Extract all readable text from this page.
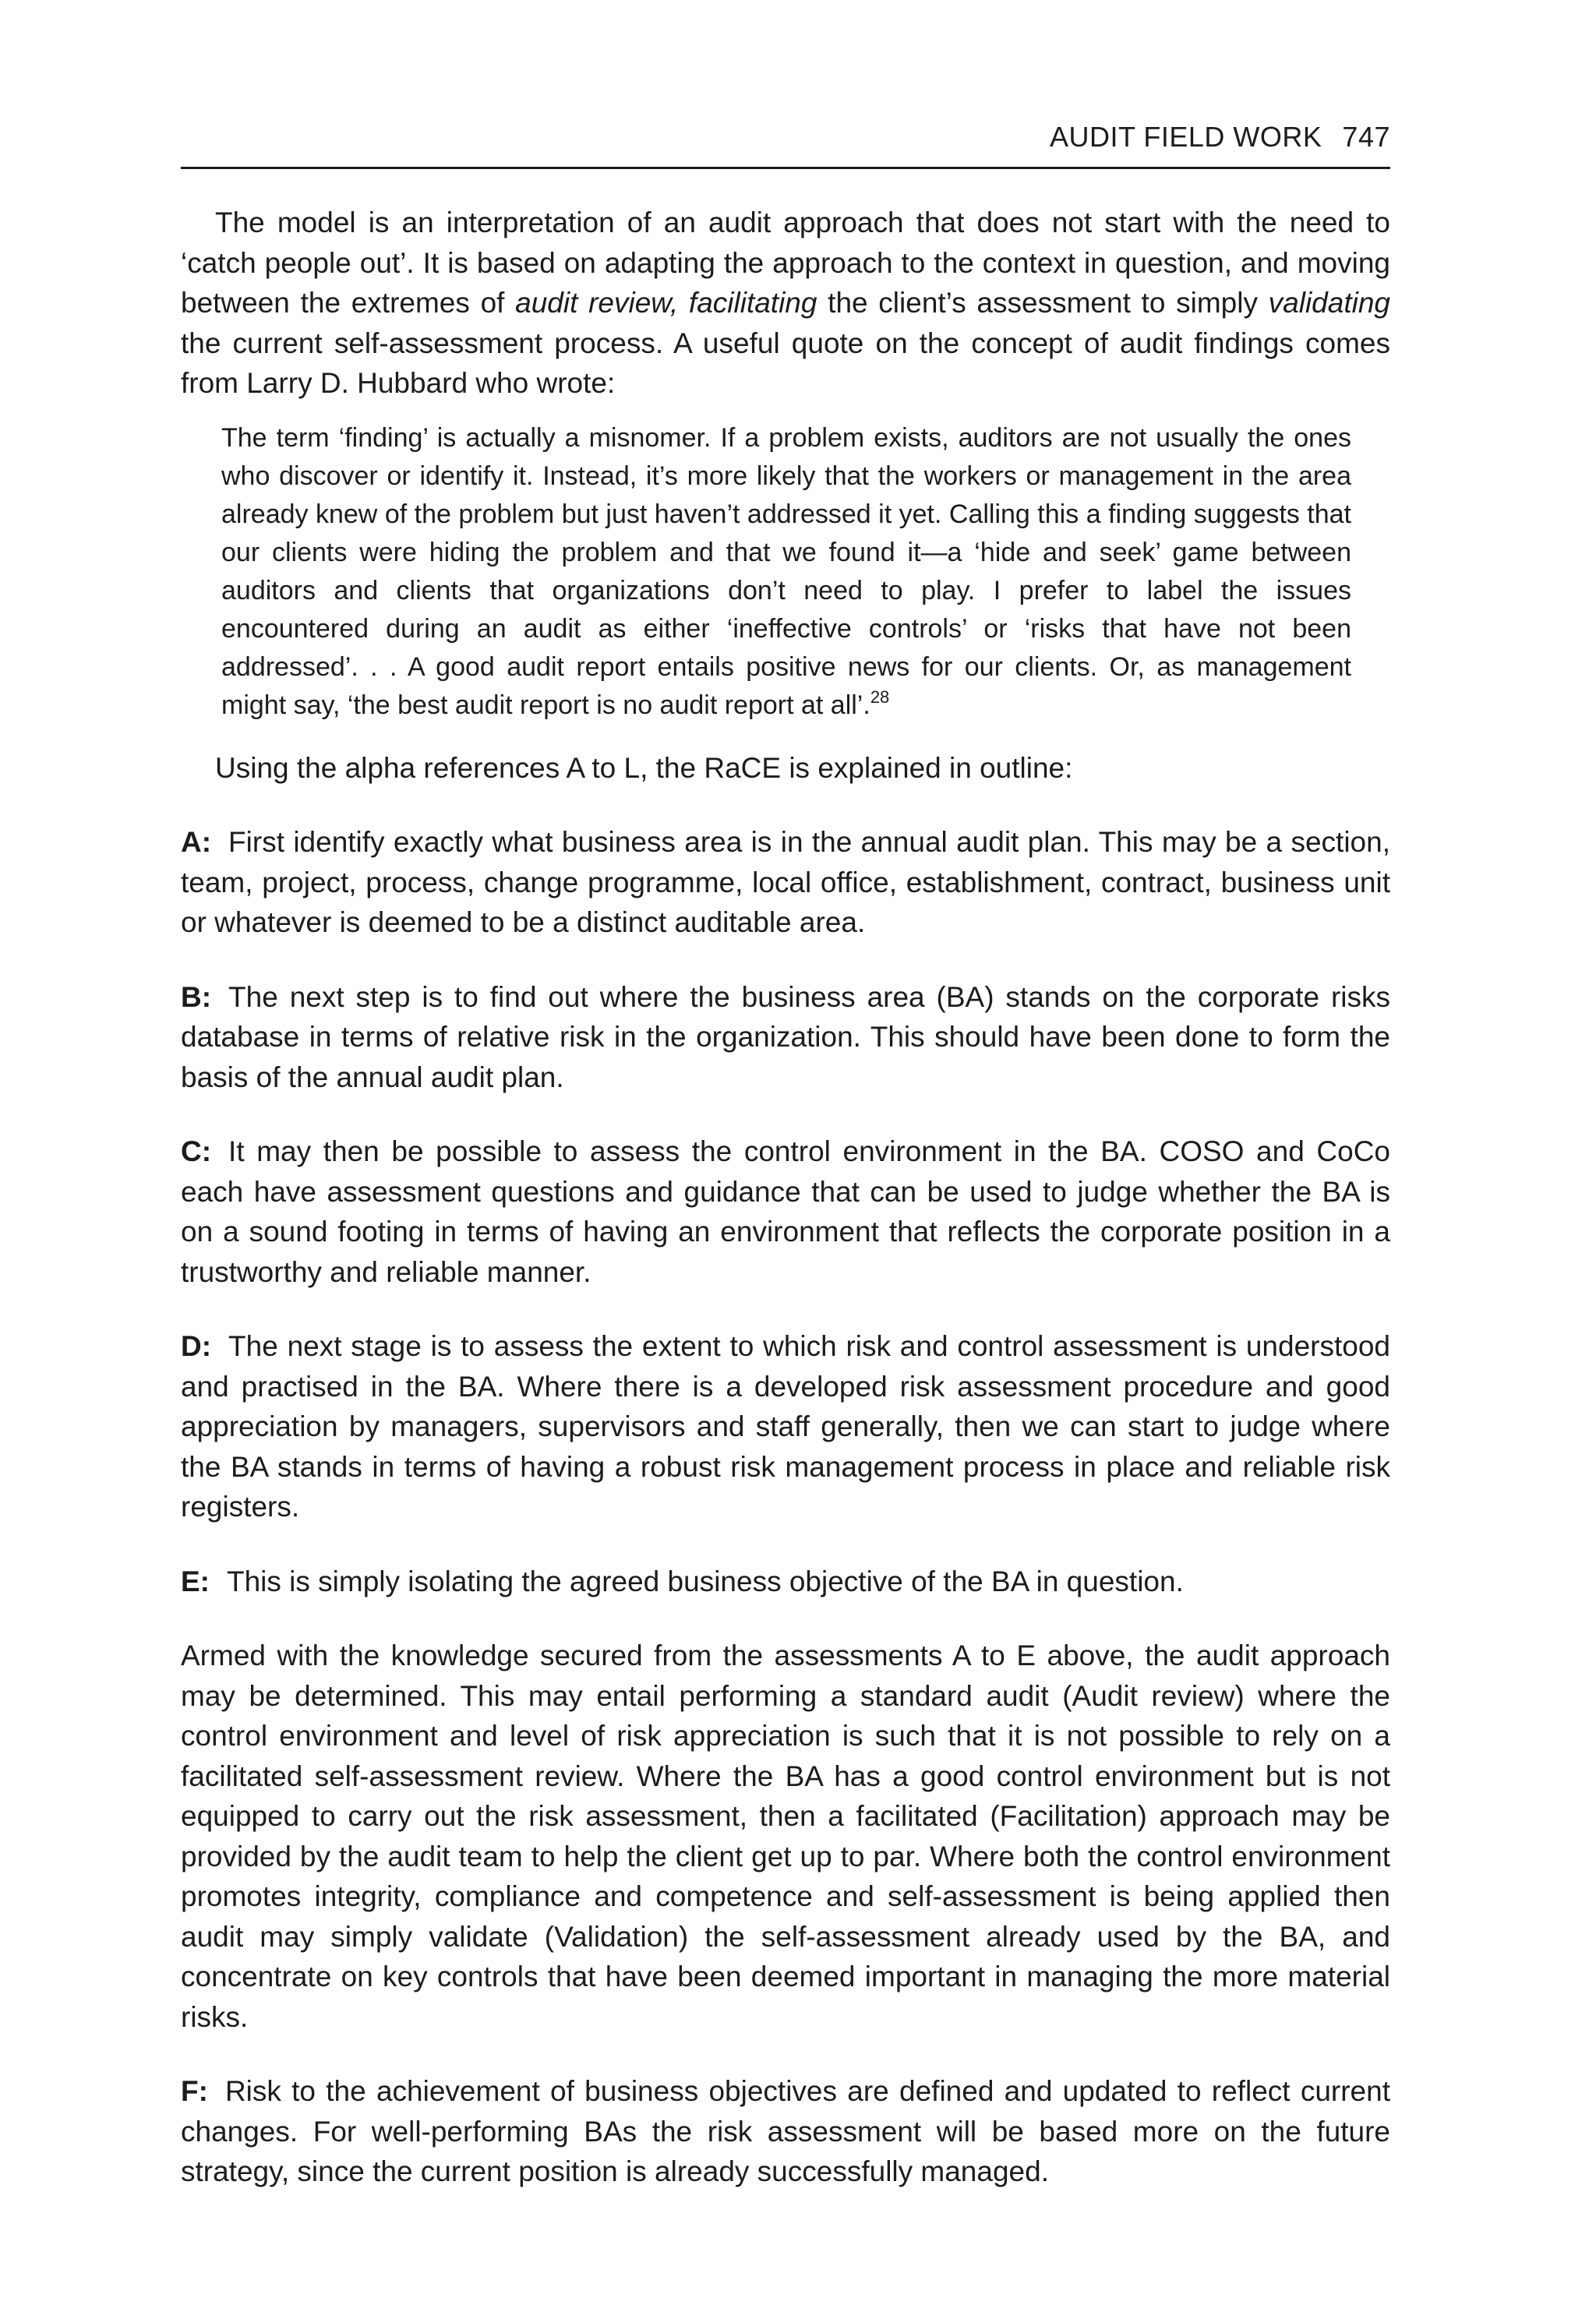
AUDIT FIELD WORK 747

The model is an interpretation of an audit approach that does not start with the need to ‘catch people out’. It is based on adapting the approach to the context in question, and moving between the extremes of audit review, facilitating the client’s assessment to simply validating the current self-assessment process. A useful quote on the concept of audit findings comes from Larry D. Hubbard who wrote:

The term ‘finding’ is actually a misnomer. If a problem exists, auditors are not usually the ones who discover or identify it. Instead, it’s more likely that the workers or management in the area already knew of the problem but just haven’t addressed it yet. Calling this a finding suggests that our clients were hiding the problem and that we found it—a ‘hide and seek’ game between auditors and clients that organizations don’t need to play. I prefer to label the issues encountered during an audit as either ‘ineffective controls’ or ‘risks that have not been addressed’. . . A good audit report entails positive news for our clients. Or, as management might say, ‘the best audit report is no audit report at all’.$^{28}$

Using the alpha references A to L, the RaCE is explained in outline:

A: First identify exactly what business area is in the annual audit plan. This may be a section, team, project, process, change programme, local office, establishment, contract, business unit or whatever is deemed to be a distinct auditable area.

B: The next step is to find out where the business area (BA) stands on the corporate risks database in terms of relative risk in the organization. This should have been done to form the basis of the annual audit plan.

C: It may then be possible to assess the control environment in the BA. COSO and CoCo each have assessment questions and guidance that can be used to judge whether the BA is on a sound footing in terms of having an environment that reflects the corporate position in a trustworthy and reliable manner.

D: The next stage is to assess the extent to which risk and control assessment is understood and practised in the BA. Where there is a developed risk assessment procedure and good appreciation by managers, supervisors and staff generally, then we can start to judge where the BA stands in terms of having a robust risk management process in place and reliable risk registers.

E: This is simply isolating the agreed business objective of the BA in question.

Armed with the knowledge secured from the assessments A to E above, the audit approach may be determined. This may entail performing a standard audit (Audit review) where the control environment and level of risk appreciation is such that it is not possible to rely on a facilitated self-assessment review. Where the BA has a good control environment but is not equipped to carry out the risk assessment, then a facilitated (Facilitation) approach may be provided by the audit team to help the client get up to par. Where both the control environment promotes integrity, compliance and competence and self-assessment is being applied then audit may simply validate (Validation) the self-assessment already used by the BA, and concentrate on key controls that have been deemed important in managing the more material risks.

F: Risk to the achievement of business objectives are defined and updated to reflect current changes. For well-performing BAs the risk assessment will be based more on the future strategy, since the current position is already successfully managed.
